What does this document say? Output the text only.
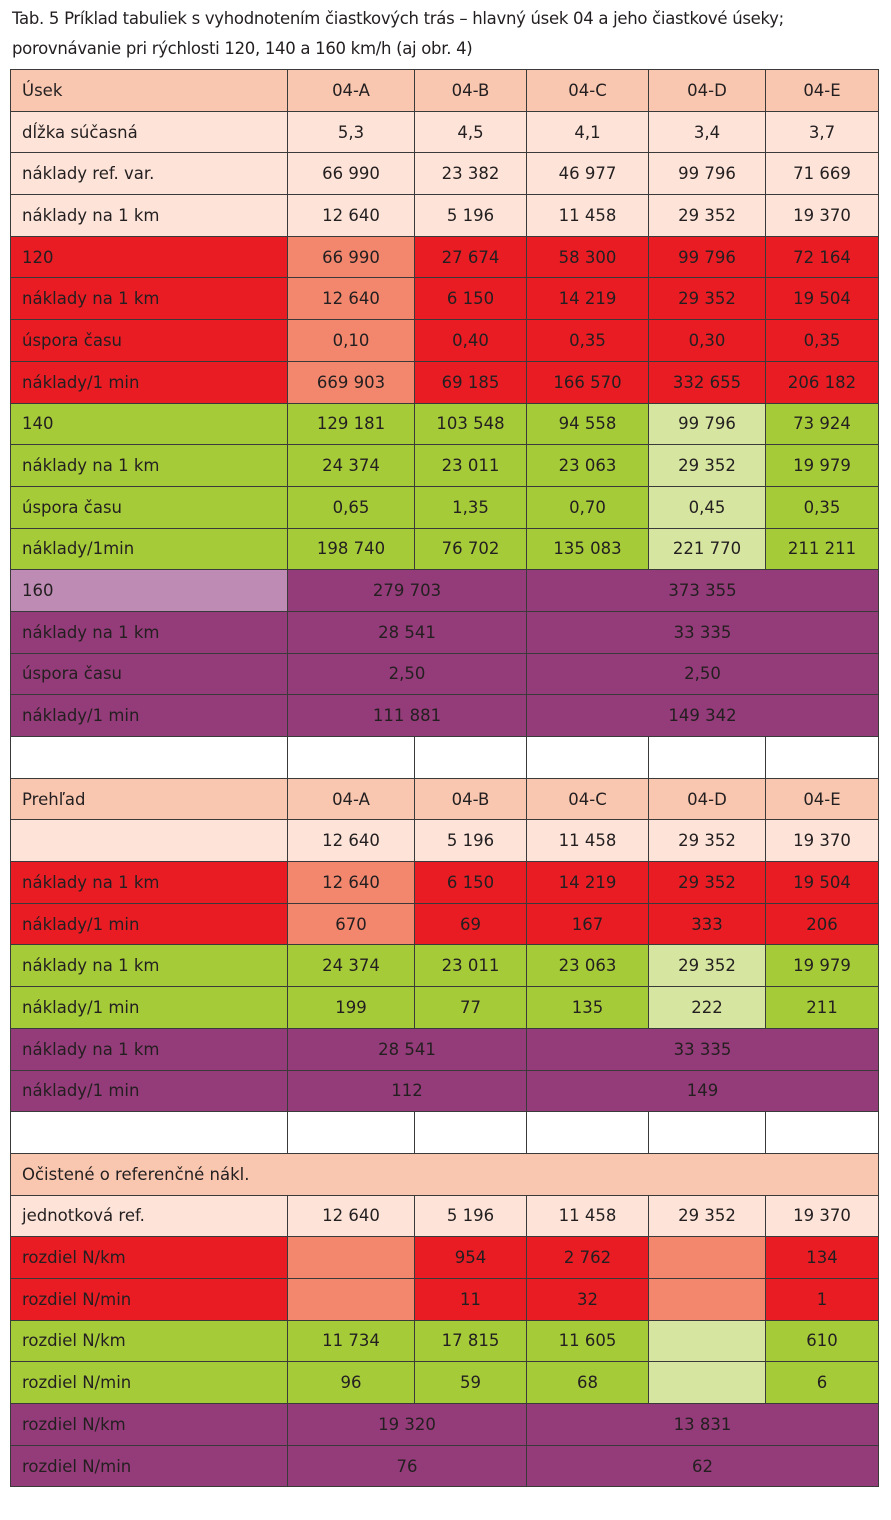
Tab. 5 Príklad tabuliek s vyhodnotením čiastkových trás – hlavný úsek 04 a jeho čiastkové úseky; porovnávanie pri rýchlosti 120, 140 a 160 km/h (aj obr. 4)
Úsek	04-A	04-B	04-C	04-D	04-E
dĺžka súčasná	5,3	4,5	4,1	3,4	3,7
náklady ref. var.	66 990	23 382	46 977	99 796	71 669
náklady na 1 km	12 640	5 196	11 458	29 352	19 370
120	66 990	27 674	58 300	99 796	72 164
náklady na 1 km	12 640	6 150	14 219	29 352	19 504
úspora času	0,10	0,40	0,35	0,30	0,35
náklady/1 min	669 903	69 185	166 570	332 655	206 182
140	129 181	103 548	94 558	99 796	73 924
náklady na 1 km	24 374	23 011	23 063	29 352	19 979
úspora času	0,65	1,35	0,70	0,45	0,35
náklady/1min	198 740	76 702	135 083	221 770	211 211
160	279 703		373 355		
náklady na 1 km	28 541		33 335		
úspora času	2,50		2,50		
náklady/1 min	111 881		149 342		

Prehľad	04-A	04-B	04-C	04-D	04-E
	12 640	5 196	11 458	29 352	19 370
náklady na 1 km	12 640	6 150	14 219	29 352	19 504
náklady/1 min	670	69	167	333	206
náklady na 1 km	24 374	23 011	23 063	29 352	19 979
náklady/1 min	199	77	135	222	211
náklady na 1 km	28 541		33 335		
náklady/1 min	112		149		

Očistené o referenčné nákl.					
jednotková ref.	12 640	5 196	11 458	29 352	19 370
rozdiel N/km		954	2 762		134
rozdiel N/min		11	32		1
rozdiel N/km	11 734	17 815	11 605		610
rozdiel N/min	96	59	68		6
rozdiel N/km	19 320		13 831		
rozdiel N/min	76		62		
